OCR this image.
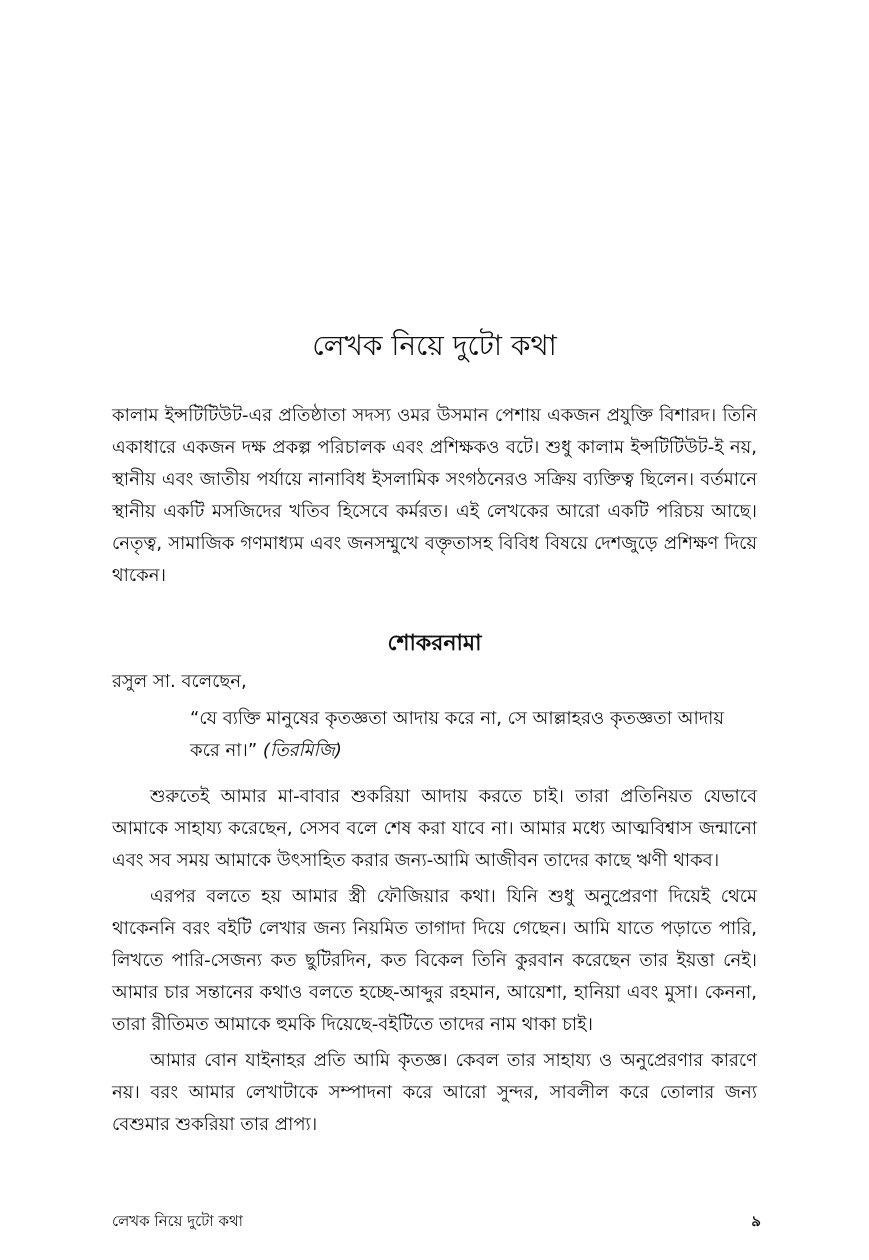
লেখক নিয়ে দুটো কথা

কালাম ইন্সটিটিউট-এর প্রতিষ্ঠাতা সদস্য ওমর উসমান পেশায় একজন প্রযুক্তি বিশারদ। তিনি একাধারে একজন দক্ষ প্রকল্প পরিচালক এবং প্রশিক্ষকও বটে। শুধু কালাম ইন্সটিটিউট-ই নয়, স্থানীয় এবং জাতীয় পর্যায়ে নানাবিধ ইসলামিক সংগঠনেরও সক্রিয় ব্যক্তিত্ব ছিলেন। বর্তমানে স্থানীয় একটি মসজিদের খতিব হিসেবে কর্মরত। এই লেখকের আরো একটি পরিচয় আছে। নেতৃত্ব, সামাজিক গণমাধ্যম এবং জনসম্মুখে বক্তৃতাসহ বিবিধ বিষয়ে দেশজুড়ে প্রশিক্ষণ দিয়ে থাকেন।

শোকরনামা

রসুল সা. বলেছেন,

“যে ব্যক্তি মানুষের কৃতজ্ঞতা আদায় করে না, সে আল্লাহরও কৃতজ্ঞতা আদায় করে না।” (তিরমিজি)

শুরুতেই আমার মা-বাবার শুকরিয়া আদায় করতে চাই। তারা প্রতিনিয়ত যেভাবে আমাকে সাহায্য করেছেন, সেসব বলে শেষ করা যাবে না। আমার মধ্যে আত্মবিশ্বাস জন্মানো এবং সব সময় আমাকে উৎসাহিত করার জন্য-আমি আজীবন তাদের কাছে ঋণী থাকব।

এরপর বলতে হয় আমার স্ত্রী ফৌজিয়ার কথা। যিনি শুধু অনুপ্রেরণা দিয়েই থেমে থাকেননি বরং বইটি লেখার জন্য নিয়মিত তাগাদা দিয়ে গেছেন। আমি যাতে পড়াতে পারি, লিখতে পারি-সেজন্য কত ছুটিরদিন, কত বিকেল তিনি কুরবান করেছেন তার ইয়ত্তা নেই। আমার চার সন্তানের কথাও বলতে হচ্ছে-আব্দুর রহমান, আয়েশা, হানিয়া এবং মুসা। কেননা, তারা রীতিমত আমাকে হুমকি দিয়েছে-বইটিতে তাদের নাম থাকা চাই।

আমার বোন যাইনাহর প্রতি আমি কৃতজ্ঞ। কেবল তার সাহায্য ও অনুপ্রেরণার কারণে নয়। বরং আমার লেখাটাকে সম্পাদনা করে আরো সুন্দর, সাবলীল করে তোলার জন্য বেশুমার শুকরিয়া তার প্রাপ্য।

লেখক নিয়ে দুটো কথা	৯
